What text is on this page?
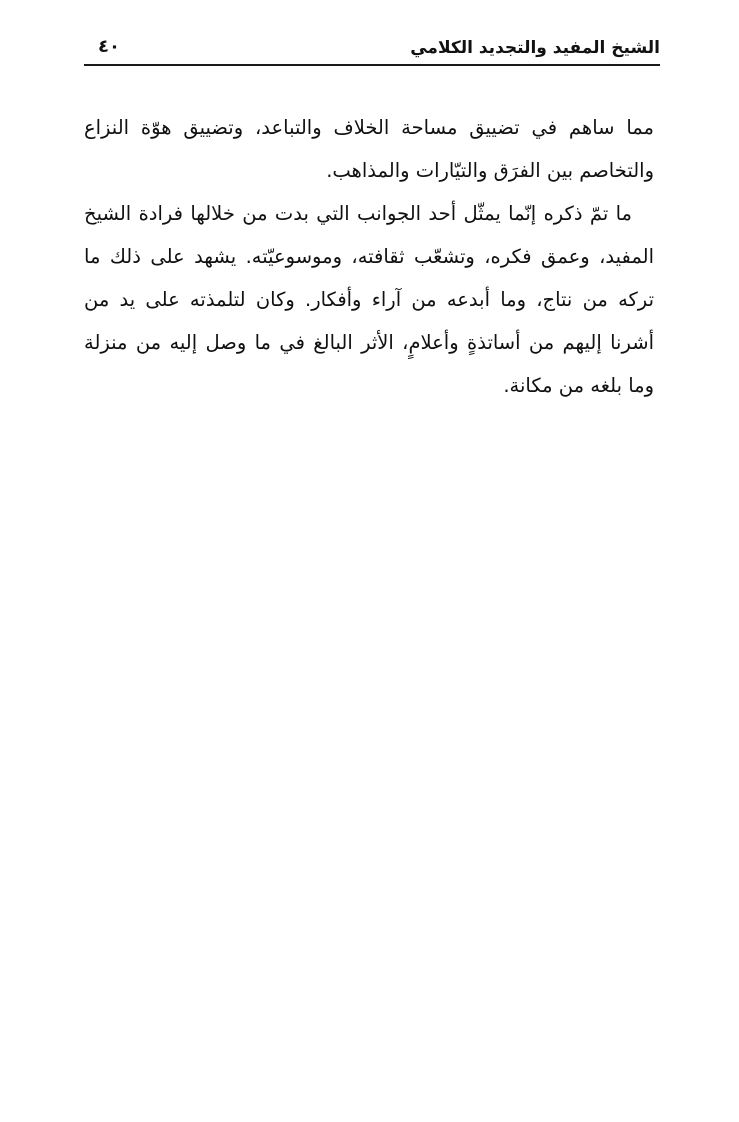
الشيخ المفيد والتجديد الكلامي
٤٠

مما ساهم في تضييق مساحة الخلاف والتباعد، وتضييق هوّة النزاع والتخاصم بين الفرَق والتيّارات والمذاهب.

ما تمّ ذكره إنّما يمثّل أحد الجوانب التي بدت من خلالها فرادة الشيخ المفيد، وعمق فكره، وتشعّب ثقافته، وموسوعيّته. يشهد على ذلك ما تركه من نتاج، وما أبدعه من آراء وأفكار. وكان لتلمذته على يد من أشرنا إليهم من أساتذةٍ وأعلامٍ، الأثر البالغ في ما وصل إليه من منزلة وما بلغه من مكانة.
